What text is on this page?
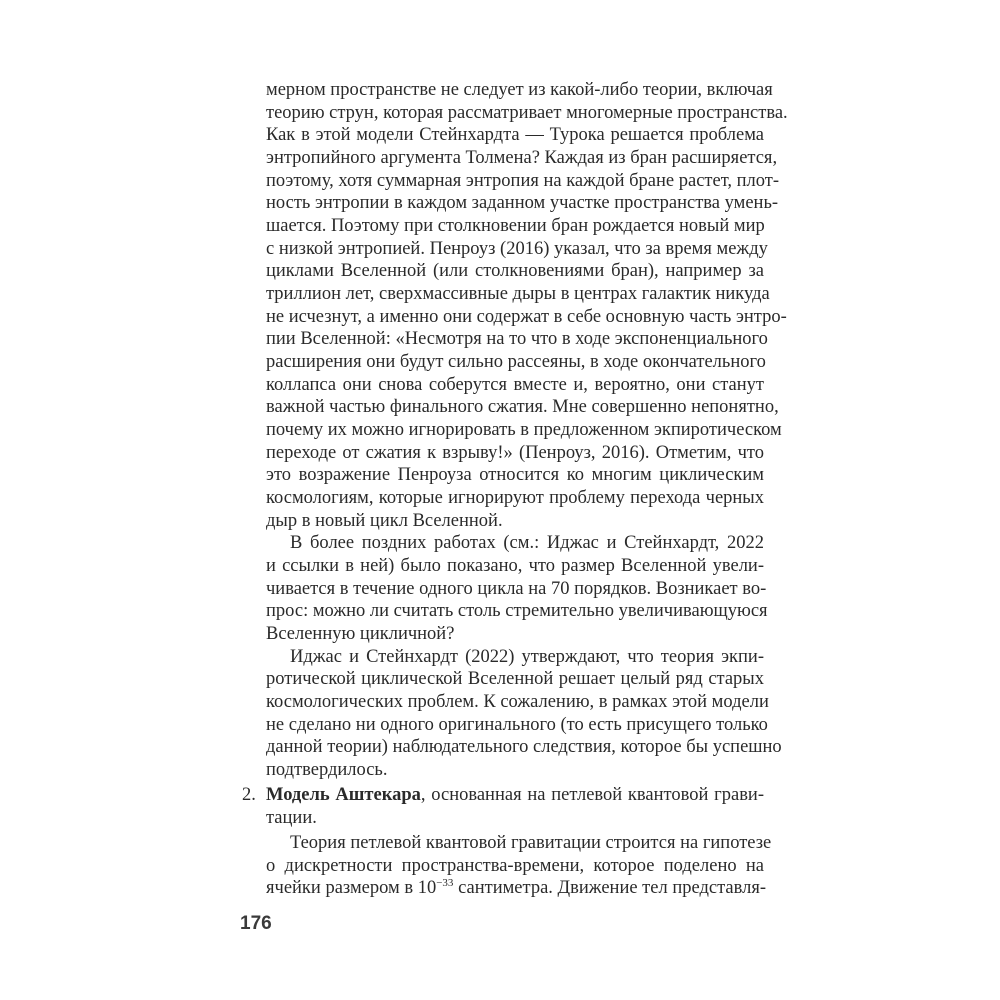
мерном пространстве не следует из какой-либо теории, включая
теорию струн, которая рассматривает многомерные пространства.
Как в этой модели Стейнхардта — Турока решается проблема
энтропийного аргумента Толмена? Каждая из бран расширяется,
поэтому, хотя суммарная энтропия на каждой бране растет, плот-
ность энтропии в каждом заданном участке пространства умень-
шается. Поэтому при столкновении бран рождается новый мир
с низкой энтропией. Пенроуз (2016) указал, что за время между
циклами Вселенной (или столкновениями бран), например за
триллион лет, сверхмассивные дыры в центрах галактик никуда
не исчезнут, а именно они содержат в себе основную часть энтро-
пии Вселенной: «Несмотря на то что в ходе экспоненциального
расширения они будут сильно рассеяны, в ходе окончательного
коллапса они снова соберутся вместе и, вероятно, они станут
важной частью финального сжатия. Мне совершенно непонятно,
почему их можно игнорировать в предложенном экпиротическом
переходе от сжатия к взрыву!» (Пенроуз, 2016). Отметим, что
это возражение Пенроуза относится ко многим циклическим
космологиям, которые игнорируют проблему перехода черных
дыр в новый цикл Вселенной.
В более поздних работах (см.: Иджас и Стейнхардт, 2022
и ссылки в ней) было показано, что размер Вселенной увели-
чивается в течение одного цикла на 70 порядков. Возникает во-
прос: можно ли считать столь стремительно увеличивающуюся
Вселенную цикличной?
Иджас и Стейнхардт (2022) утверждают, что теория экпи-
ротической циклической Вселенной решает целый ряд старых
космологических проблем. К сожалению, в рамках этой модели
не сделано ни одного оригинального (то есть присущего только
данной теории) наблюдательного следствия, которое бы успешно
подтвердилось.
2. Модель Аштекара, основанная на петлевой квантовой грави-
тации.
Теория петлевой квантовой гравитации строится на гипотезе
о дискретности пространства-времени, которое поделено на
ячейки размером в $10^{-33}$ сантиметра. Движение тел представля-
176
